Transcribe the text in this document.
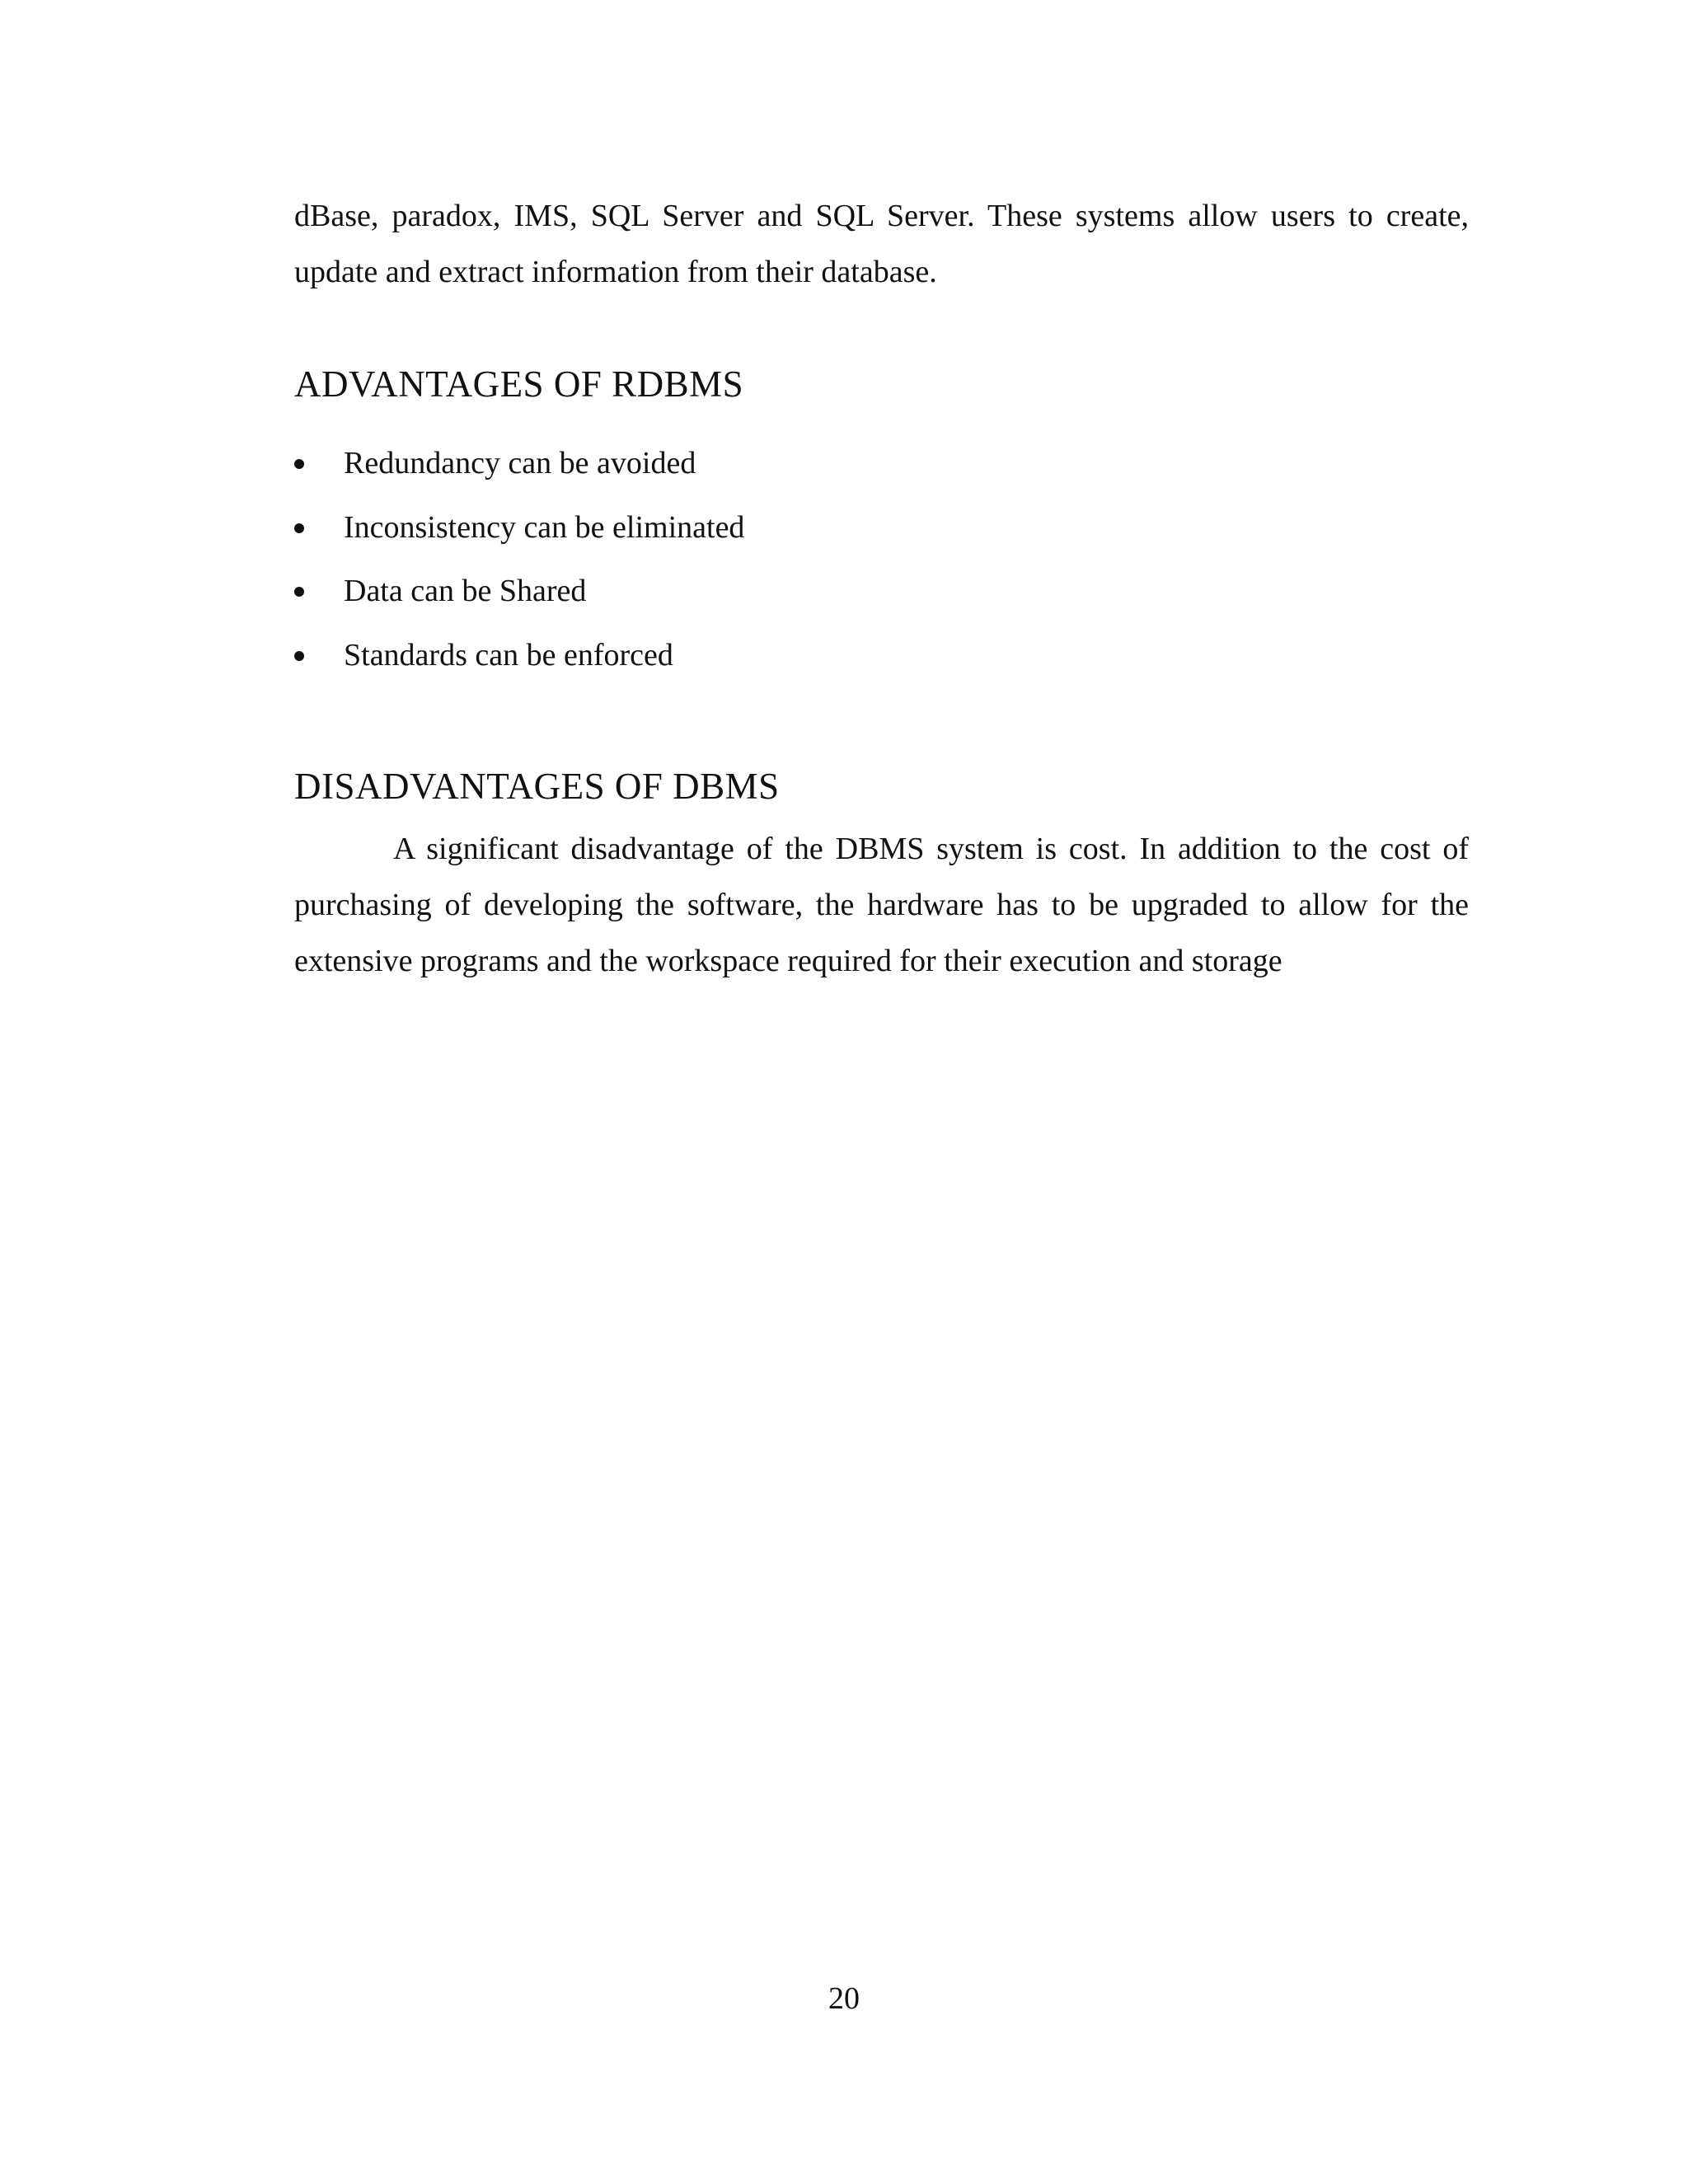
dBase, paradox, IMS, SQL Server and SQL Server. These systems allow users to create, update and extract information from their database.

ADVANTAGES OF RDBMS
Redundancy can be avoided
Inconsistency can be eliminated
Data can be Shared
Standards can be enforced
DISADVANTAGES OF DBMS

A significant disadvantage of the DBMS system is cost. In addition to the cost of purchasing of developing the software, the hardware has to be upgraded to allow for the extensive programs and the workspace required for their execution and storage

20
